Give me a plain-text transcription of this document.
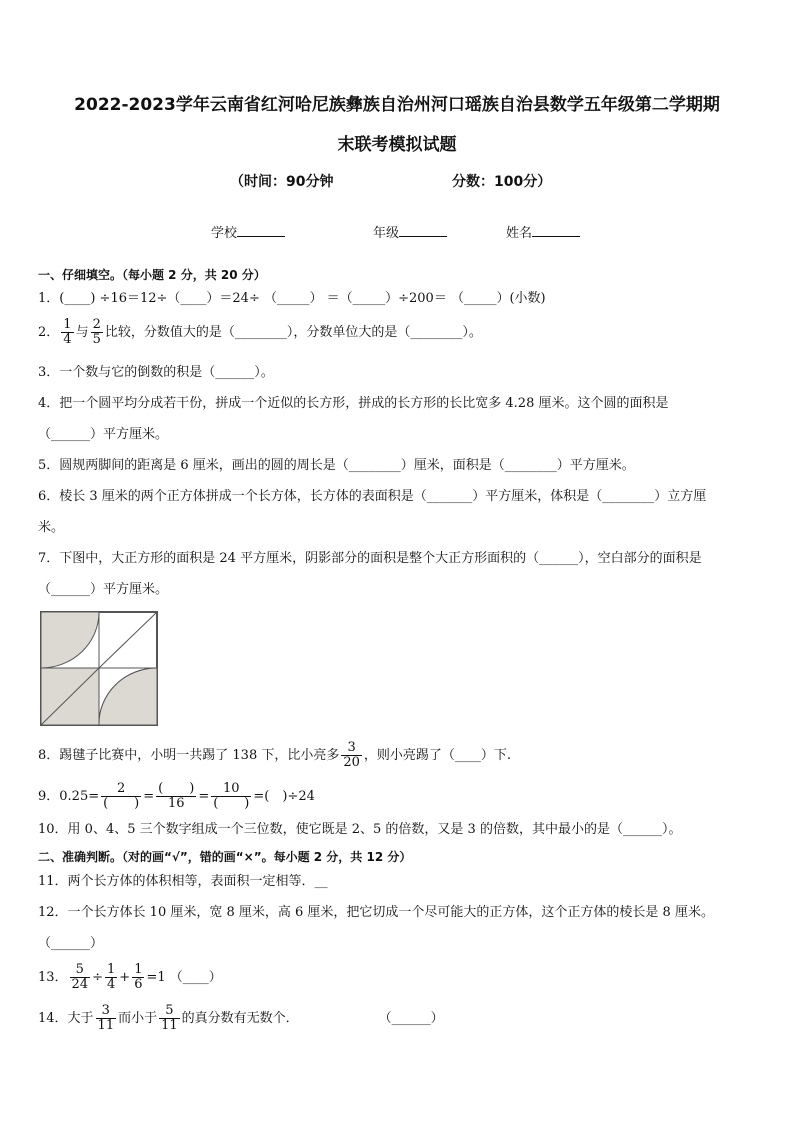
2022-2023学年云南省红河哈尼族彝族自治州河口瑶族自治县数学五年级第二学期期
末联考模拟试题
（时间：90分钟	分数：100分）
学校	年级	姓名
一、仔细填空。（每小题 2 分，共 20 分）
1．(____) ÷16＝12÷（____）＝24÷ （_____） ＝（_____）÷200＝ （_____）(小数)
2． $\frac{1}{4}$ 与 $\frac{2}{5}$ 比较，分数值大的是（________），分数单位大的是（________）。
3．一个数与它的倒数的积是（______）。
4．把一个圆平均分成若干份，拼成一个近似的长方形，拼成的长方形的长比宽多 4.28 厘米。这个圆的面积是
（______）平方厘米。
5．圆规两脚间的距离是 6 厘米，画出的圆的周长是（________）厘米，面积是（________）平方厘米。
6．棱长 3 厘米的两个正方体拼成一个长方体，长方体的表面积是（_______）平方厘米，体积是（________）立方厘
米。
7．下图中，大正方形的面积是 24 平方厘米，阴影部分的面积是整个大正方形面积的（______），空白部分的面积是
（______）平方厘米。
8．踢毽子比赛中，小明一共踢了 138 下，比小亮多 $\frac{3}{20}$ ，则小亮踢了（____）下.
9．$0.25= \frac{2}{( )} = \frac{( )}{16} = \frac{10}{( )}$ =(　)÷24
10．用 0、4、5 三个数字组成一个三位数，使它既是 2、5 的倍数，又是 3 的倍数，其中最小的是（______）。
二、准确判断。（对的画“√”，错的画“×”。每小题 2 分，共 12 分）
11．两个长方体的体积相等，表面积一定相等．__
12．一个长方体长 10 厘米，宽 8 厘米，高 6 厘米，把它切成一个尽可能大的正方体，这个正方体的棱长是 8 厘米。
（______）
13． $\frac{5}{24} \div \frac{1}{4} + \frac{1}{6} =1$ （____）
14．大于 $\frac{3}{11}$ 而小于 $\frac{5}{11}$ 的真分数有无数个．	（______）
